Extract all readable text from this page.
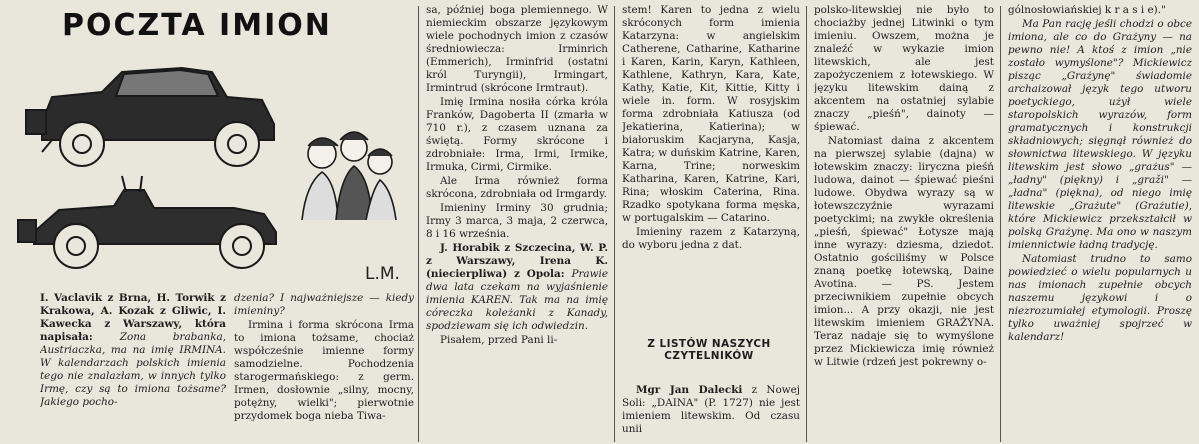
POCZTA IMION
L.M.

I. Vaclavik z Brna, H. Torwik z Krakowa, A. Kozak z Gliwic, I. Kawecka z Warszawy, która napisała: Zona brabanka, Austriaczka, ma na imię IRMINA. W kalendarzach polskich imienia tego nie znalazłam, w innych tylko Irmę, czy są to imiona tożsame? Jakiego pocho-

dzenia? I najważniejsze — kiedy imieniny?

Irmina i forma skrócona Irma to imiona tożsame, chociaż współcześnie imienne formy samodzielne. Pochodzenia starogermańskiego: z germ. Irmen, dosłownie „silny, mocny, potężny, wielki"; pierwotnie przydomek boga nieba Tiwa-

sa, później boga plemiennego. W niemieckim obszarze językowym wiele pochodnych imion z czasów średniowiecza: Irminrich (Emmerich), Irminfrid (ostatni król Turyngii), Irmingart, Irmintrud (skrócone Irmtraut).

Imię Irmina nosiła córka króla Franków, Dagoberta II (zmarła w 710 r.), z czasem uznana za świętą. Formy skrócone i zdrobniałe: Irma, Irmi, Irmike, Irmuka, Cirmi, Cirmike.

Ale Irma również forma skrócona, zdrobniała od Irmgardy.

Imieniny Irminy 30 grudnia; Irmy 3 marca, 3 maja, 2 czerwca, 8 i 16 września.

J. Horabik z Szczecina, W. P. z Warszawy, Irena K. (niecierpliwa) z Opola: Prawie dwa lata czekam na wyjaśnienie imienia KAREN. Tak ma na imię córeczka koleżanki z Kanady, spodziewam się ich odwiedzin.

Pisałem, przed Pani li-

stem! Karen to jedna z wielu skróconych form imienia Katarzyna: w angielskim Catherene, Catharine, Katharine i Karen, Karin, Karyn, Kathleen, Kathlene, Kathryn, Kara, Kate, Kathy, Katie, Kit, Kittie, Kitty i wiele in. form. W rosyjskim forma zdrobniała Katiusza (od Jekatierina, Katierina); w białoruskim Kacjaryna, Kasja, Katra; w duńskim Katrine, Karen, Karna, Trine; norweskim Katharina, Karen, Katrine, Kari, Rina; włoskim Caterina, Rina. Rzadko spotykana forma męska, w portugalskim — Catarino.

Imieniny razem z Katarzyną, do wyboru jedna z dat.

Z LISTÓW NASZYCH CZYTELNIKÓW

Mgr Jan Dalecki z Nowej Soli: „DAINA" (P. 1727) nie jest imieniem litewskim. Od czasu unii

polsko-litewskiej nie było to chociażby jednej Litwinki o tym imieniu. Owszem, można je znaleźć w wykazie imion litewskich, ale jest zapożyczeniem z łotewskiego. W języku litewskim dainą z akcentem na ostatniej sylabie znaczy „pieśń", dainoty — śpiewać.

Natomiast daina z akcentem na pierwszej sylabie (dajna) w łotewskim znaczy: liryczna pieśń ludowa, dainot — śpiewać pieśni ludowe. Obydwa wyrazy są w łotewszczyźnie wyrazami poetyckimi; na zwykłe określenia „pieśń, śpiewać" Łotysze mają inne wyrazy: dziesma, dziedot. Ostatnio gościliśmy w Polsce znaną poetkę łotewską, Daine Avotina. — PS. Jestem przeciwnikiem zupełnie obcych imion... A przy okazji, nie jest litewskim imieniem GRAŻYNA. Teraz nadaje się to wymyślone przez Mickiewicza imię również w Litwie (rdzeń jest pokrewny o-

gólnosłowiańskiej k r a s i e)."

Ma Pan rację jeśli chodzi o obce imiona, ale co do Grażyny — na pewno nie! A ktoś z imion „nie zostało wymyślone"? Mickiewicz pisząc „Grażynę" świadomie archaizował język tego utworu poetyckiego, użył wiele staropolskich wyrazów, form gramatycznych i konstrukcji składniowych; sięgnął również do słownictwa litewskiego. W języku litewskim jest słowo „grażus" — „ładny" (piękny) i „graži" — „ładna" (piękna), od niego imię litewskie „Grażute" (Grażutie), które Mickiewicz przekształcił w polską Grażynę. Ma ono w naszym imiennictwie ładną tradycję.

Natomiast trudno to samo powiedzieć o wielu popularnych u nas imionach zupełnie obcych naszemu językowi i o niezrozumiałej etymologii. Proszę tylko uważniej spojrzeć w kalendarz!
